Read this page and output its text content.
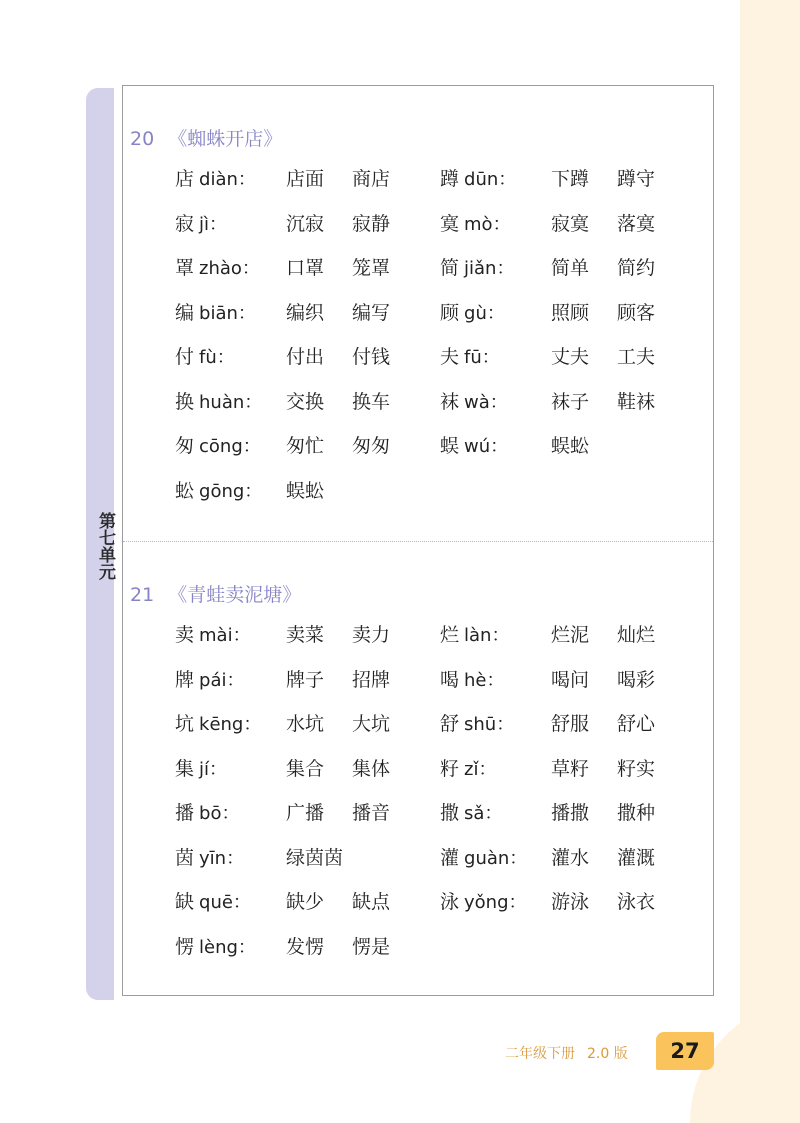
第七单元
20 《蜘蛛开店》
店 diàn： 店面 商店	蹲 dūn： 下蹲 蹲守
寂 jì：	沉寂 寂静	寞 mò： 寂寞 落寞
罩 zhào： 口罩 笼罩	简 jiǎn： 简单 简约
编 biān： 编织 编写	顾 gù： 照顾 顾客
付 fù：	付出 付钱	夫 fū：	丈夫 工夫
换 huàn： 交换 换车	袜 wà： 袜子 鞋袜
匆 cōng： 匆忙 匆匆	蜈 wú： 蜈蚣
蚣 gōng： 蜈蚣
21 《青蛙卖泥塘》
卖 mài： 卖菜 卖力	烂 làn： 烂泥 灿烂
牌 pái： 牌子 招牌	喝 hè： 喝问 喝彩
坑 kēng： 水坑 大坑	舒 shū： 舒服 舒心
集 jí：	集合 集体	籽 zǐ：	草籽 籽实
播 bō： 广播 播音	撒 sǎ：	播撒 撒种
茵 yīn： 绿茵茵	灌 guàn： 灌水 灌溉
缺 quē： 缺少 缺点	泳 yǒng： 游泳 泳衣
愣 lèng： 发愣 愣是
二年级下册 2.0 版	27
